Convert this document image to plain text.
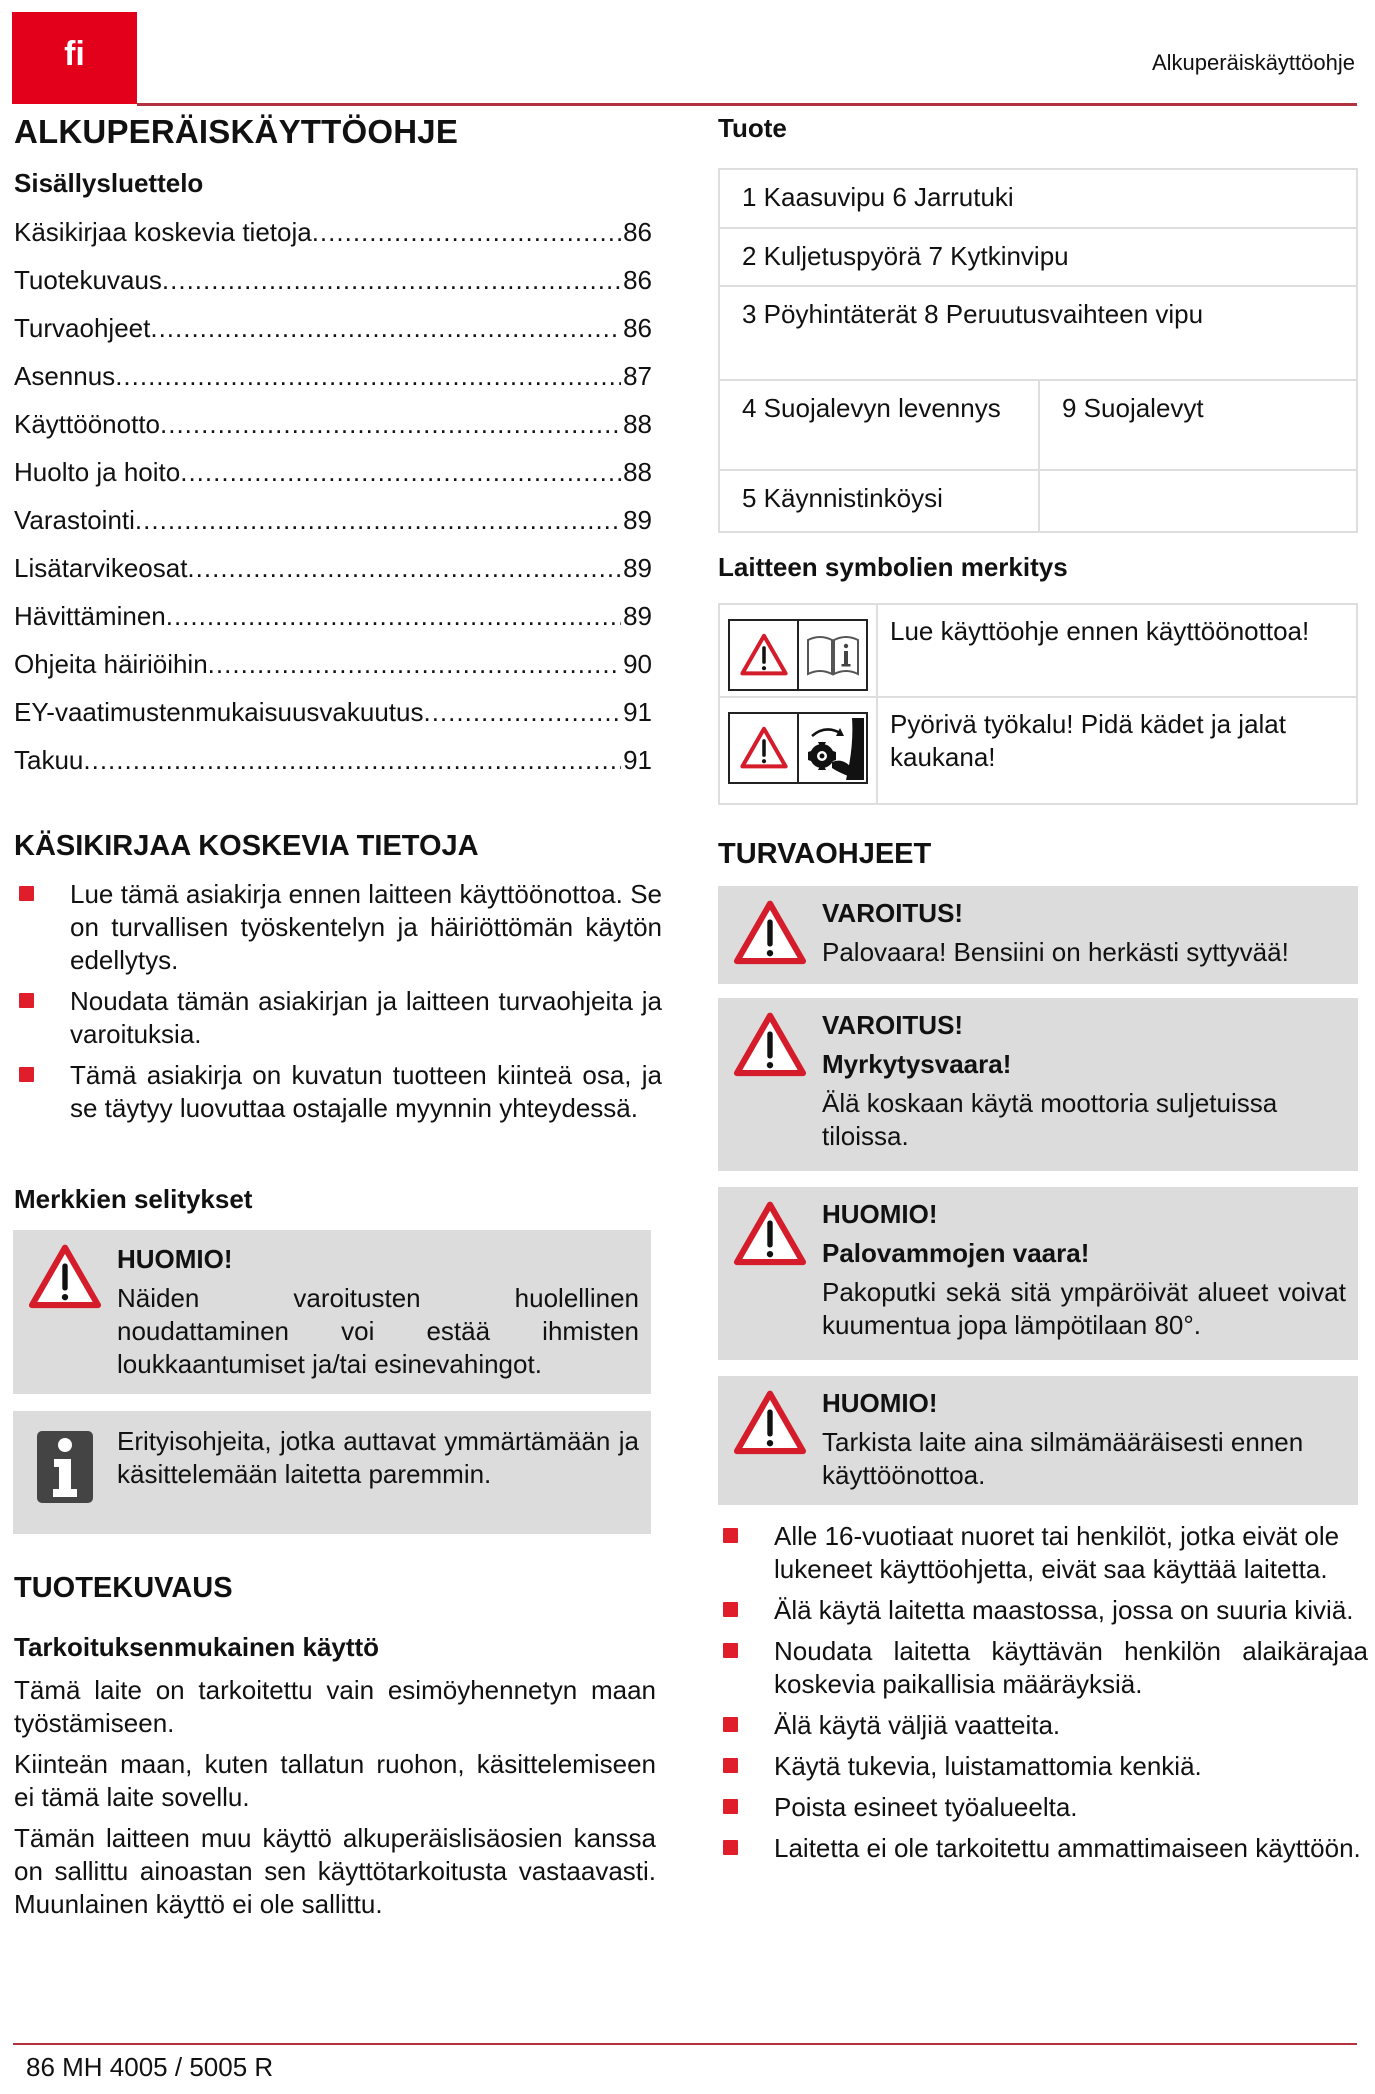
fi	Alkuperäiskäyttöohje
ALKUPERÄISKÄYTTÖOHJE
Sisällysluettelo
Käsikirjaa koskevia tietoja .....	86
Tuotekuvaus .....	86
Turvaohjeet .....	86
Asennus .....	87
Käyttöönotto .....	88
Huolto ja hoito .....	88
Varastointi .....	89
Lisätarvikeosat .....	89
Hävittäminen .....	89
Ohjeita häiriöihin .....	90
EY-vaatimustenmukaisuusvakuutus .....	91
Takuu .....	91
KÄSIKIRJAA KOSKEVIA TIETOJA
Lue tämä asiakirja ennen laitteen käyttöönottoa. Se on turvallisen työskentelyn ja häiriöttömän käytön edellytys.
Noudata tämän asiakirjan ja laitteen turvaohjeita ja varoituksia.
Tämä asiakirja on kuvatun tuotteen kiinteä osa, ja se täytyy luovuttaa ostajalle myynnin yhteydessä.
Merkkien selitykset
HUOMIO!
Näiden varoitusten huolellinen noudattaminen voi estää ihmisten loukkaantumiset ja/tai esinevahingot.
Erityisohjeita, jotka auttavat ymmärtämään ja käsittelemään laitetta paremmin.
TUOTEKUVAUS
Tarkoituksenmukainen käyttö

Tämä laite on tarkoitettu vain esimöyhennetyn maan työstämiseen.

Kiinteän maan, kuten tallatun ruohon, käsittelemiseen ei tämä laite sovellu.

Tämän laitteen muu käyttö alkuperäislisäosien kanssa on sallittu ainoastan sen käyttötarkoitusta vastaavasti. Muunlainen käyttö ei ole sallittu.

Tuote
1 Kaasuvipu 6 Jarrutuki
2 Kuljetuspyörä 7 Kytkinvipu
3 Pöyhintäterät 8 Peruutusvaihteen vipu
4 Suojalevyn levennys	9 Suojalevyt
5 Käynnistinköysi
Laitteen symbolien merkitys
Lue käyttöohje ennen käyttöönottoa!
Pyörivä työkalu! Pidä kädet ja jalat kaukana!
TURVAOHJEET
VAROITUS!
Palovaara! Bensiini on herkästi syttyvää!
VAROITUS!
Myrkytysvaara!
Älä koskaan käytä moottoria suljetuissa tiloissa.
HUOMIO!
Palovammojen vaara!
Pakoputki sekä sitä ympäröivät alueet voivat kuumentua jopa lämpötilaan 80°.
HUOMIO!
Tarkista laite aina silmämääräisesti ennen käyttöönottoa.
Alle 16-vuotiaat nuoret tai henkilöt, jotka eivät ole lukeneet käyttöohjetta, eivät saa käyttää laitetta.
Älä käytä laitetta maastossa, jossa on suuria kiviä.
Noudata laitetta käyttävän henkilön alaikärajaa koskevia paikallisia määräyksiä.
Älä käytä väljiä vaatteita.
Käytä tukevia, luistamattomia kenkiä.
Poista esineet työalueelta.
Laitetta ei ole tarkoitettu ammattimaiseen käyttöön.
86 MH 4005 / 5005 R
